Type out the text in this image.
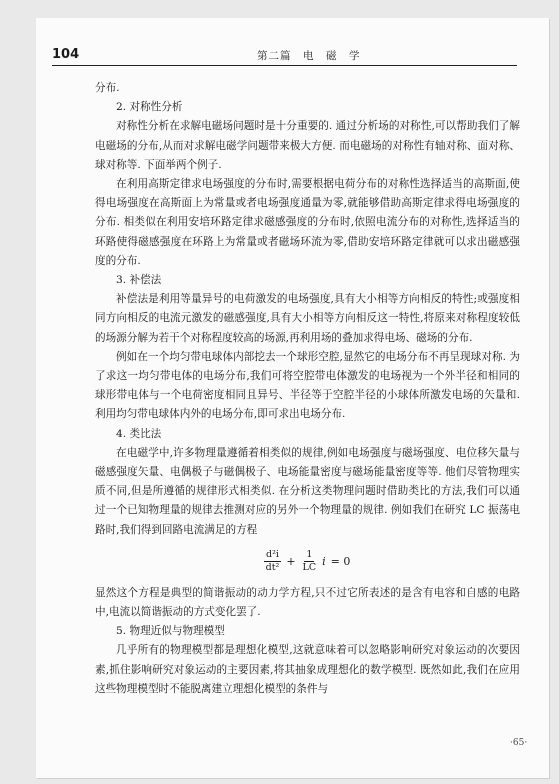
104	第二篇　电　磁　学

分布.

2. 对称性分析

对称性分析在求解电磁场问题时是十分重要的. 通过分析场的对称性,可以帮助我们了解电磁场的分布,从而对求解电磁学问题带来极大方便. 而电磁场的对称性有轴对称、面对称、球对称等. 下面举两个例子.

在利用高斯定律求电场强度的分布时,需要根据电荷分布的对称性选择适当的高斯面,使得电场强度在高斯面上为常量或者电场强度通量为零,就能够借助高斯定律求得电场强度的分布. 相类似在利用安培环路定律求磁感强度的分布时,依照电流分布的对称性,选择适当的环路使得磁感强度在环路上为常量或者磁场环流为零,借助安培环路定律就可以求出磁感强度的分布.

3. 补偿法

补偿法是利用等量异号的电荷激发的电场强度,具有大小相等方向相反的特性;或强度相同方向相反的电流元激发的磁感强度,具有大小相等方向相反这一特性,将原来对称程度较低的场源分解为若干个对称程度较高的场源,再利用场的叠加求得电场、磁场的分布.

例如在一个均匀带电球体内部挖去一个球形空腔,显然它的电场分布不再呈现球对称. 为了求这一均匀带电体的电场分布,我们可将空腔带电体激发的电场视为一个外半径和相同的球形带电体与一个电荷密度相同且异号、半径等于空腔半径的小球体所激发电场的矢量和. 利用均匀带电球体内外的电场分布,即可求出电场分布.

4. 类比法

在电磁学中,许多物理量遵循着相类似的规律,例如电场强度与磁场强度、电位移矢量与磁感强度矢量、电偶极子与磁偶极子、电场能量密度与磁场能量密度等等. 他们尽管物理实质不同,但是所遵循的规律形式相类似. 在分析这类物理问题时借助类比的方法,我们可以通过一个已知物理量的规律去推测对应的另外一个物理量的规律. 例如我们在研究 LC 振荡电路时,我们得到回路电流满足的方程

$\frac{\text{d²i}}{\text{dt²}} + \frac{1}{LC}$ i = 0

显然这个方程是典型的简谐振动的动力学方程,只不过它所表述的是含有电容和自感的电路中,电流以简谐振动的方式变化罢了.

5. 物理近似与物理模型

几乎所有的物理模型都是理想化模型,这就意味着可以忽略影响研究对象运动的次要因素,抓住影响研究对象运动的主要因素,将其抽象成理想化的数学模型. 既然如此,我们在应用这些物理模型时不能脱离建立理想化模型的条件与

·65·
